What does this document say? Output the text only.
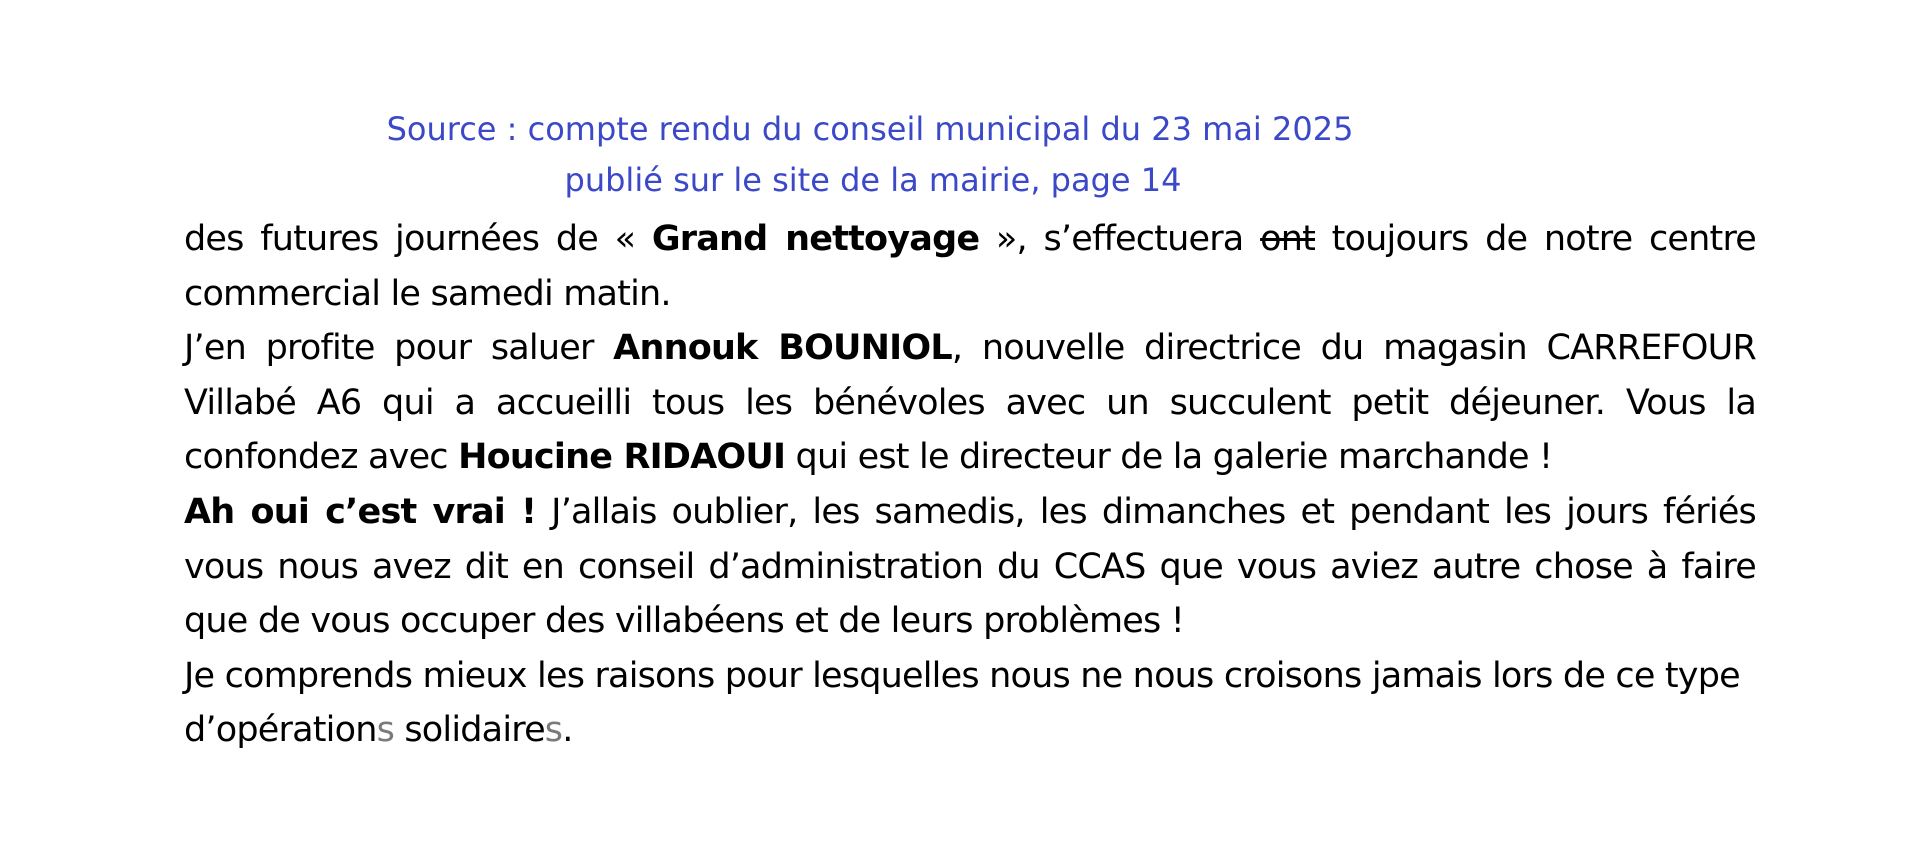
Source : compte rendu du conseil municipal du 23 mai 2025
publié sur le site de la mairie, page 14

des futures journées de « Grand nettoyage », s’effectuera ont toujours de notre centre commercial le samedi matin.

J’en profite pour saluer Annouk BOUNIOL, nouvelle directrice du magasin CARREFOUR Villabé A6 qui a accueilli tous les bénévoles avec un succulent petit déjeuner. Vous la confondez avec Houcine RIDAOUI qui est le directeur de la galerie marchande !

Ah oui c’est vrai ! J’allais oublier, les samedis, les dimanches et pendant les jours fériés vous nous avez dit en conseil d’administration du CCAS que vous aviez autre chose à faire que de vous occuper des villabéens et de leurs problèmes !

Je comprends mieux les raisons pour lesquelles nous ne nous croisons jamais lors de ce type d’opérations solidaires.
